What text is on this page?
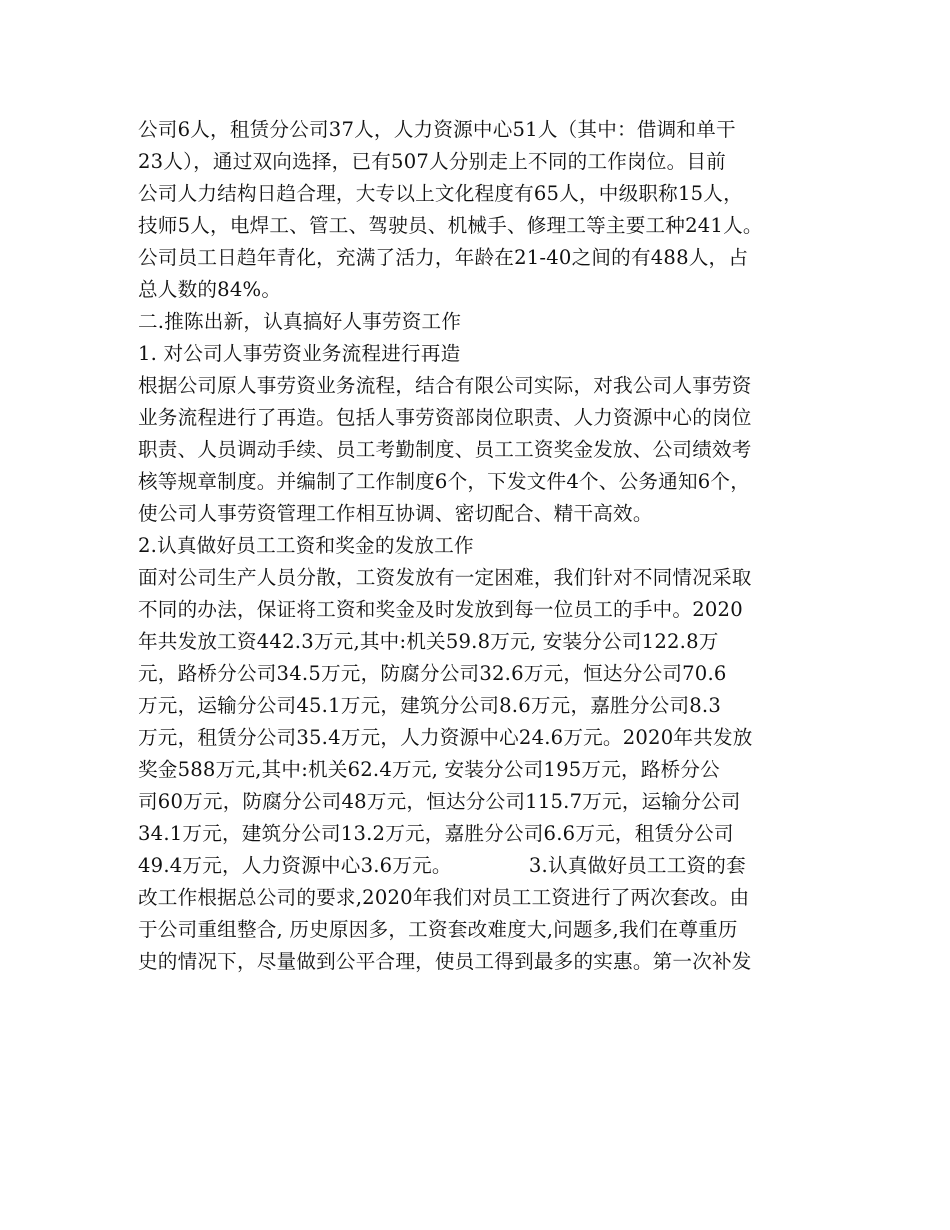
公司6人，租赁分公司37人，人力资源中心51人（其中：借调和单干
23人），通过双向选择，已有507人分别走上不同的工作岗位。目前
公司人力结构日趋合理，大专以上文化程度有65人，中级职称15人，
技师5人，电焊工、管工、驾驶员、机械手、修理工等主要工种241人。
公司员工日趋年青化，充满了活力，年龄在21-40之间的有488人，占
总人数的84%。
二.推陈出新，认真搞好人事劳资工作
1. 对公司人事劳资业务流程进行再造
根据公司原人事劳资业务流程，结合有限公司实际，对我公司人事劳资
业务流程进行了再造。包括人事劳资部岗位职责、人力资源中心的岗位
职责、人员调动手续、员工考勤制度、员工工资奖金发放、公司绩效考
核等规章制度。并编制了工作制度6个，下发文件4个、公务通知6个，
使公司人事劳资管理工作相互协调、密切配合、精干高效。
2.认真做好员工工资和奖金的发放工作
面对公司生产人员分散，工资发放有一定困难，我们针对不同情况采取
不同的办法，保证将工资和奖金及时发放到每一位员工的手中。2020
年共发放工资442.3万元,其中:机关59.8万元, 安装分公司122.8万
元，路桥分公司34.5万元，防腐分公司32.6万元，恒达分公司70.6
万元，运输分公司45.1万元，建筑分公司8.6万元，嘉胜分公司8.3
万元，租赁分公司35.4万元，人力资源中心24.6万元。2020年共发放
奖金588万元,其中:机关62.4万元, 安装分公司195万元，路桥分公
司60万元，防腐分公司48万元，恒达分公司115.7万元，运输分公司
34.1万元，建筑分公司13.2万元，嘉胜分公司6.6万元，租赁分公司
49.4万元，人力资源中心3.6万元。            3.认真做好员工工资的套
改工作根据总公司的要求,2020年我们对员工工资进行了两次套改。由
于公司重组整合, 历史原因多，工资套改难度大,问题多,我们在尊重历
史的情况下，尽量做到公平合理，使员工得到最多的实惠。第一次补发
